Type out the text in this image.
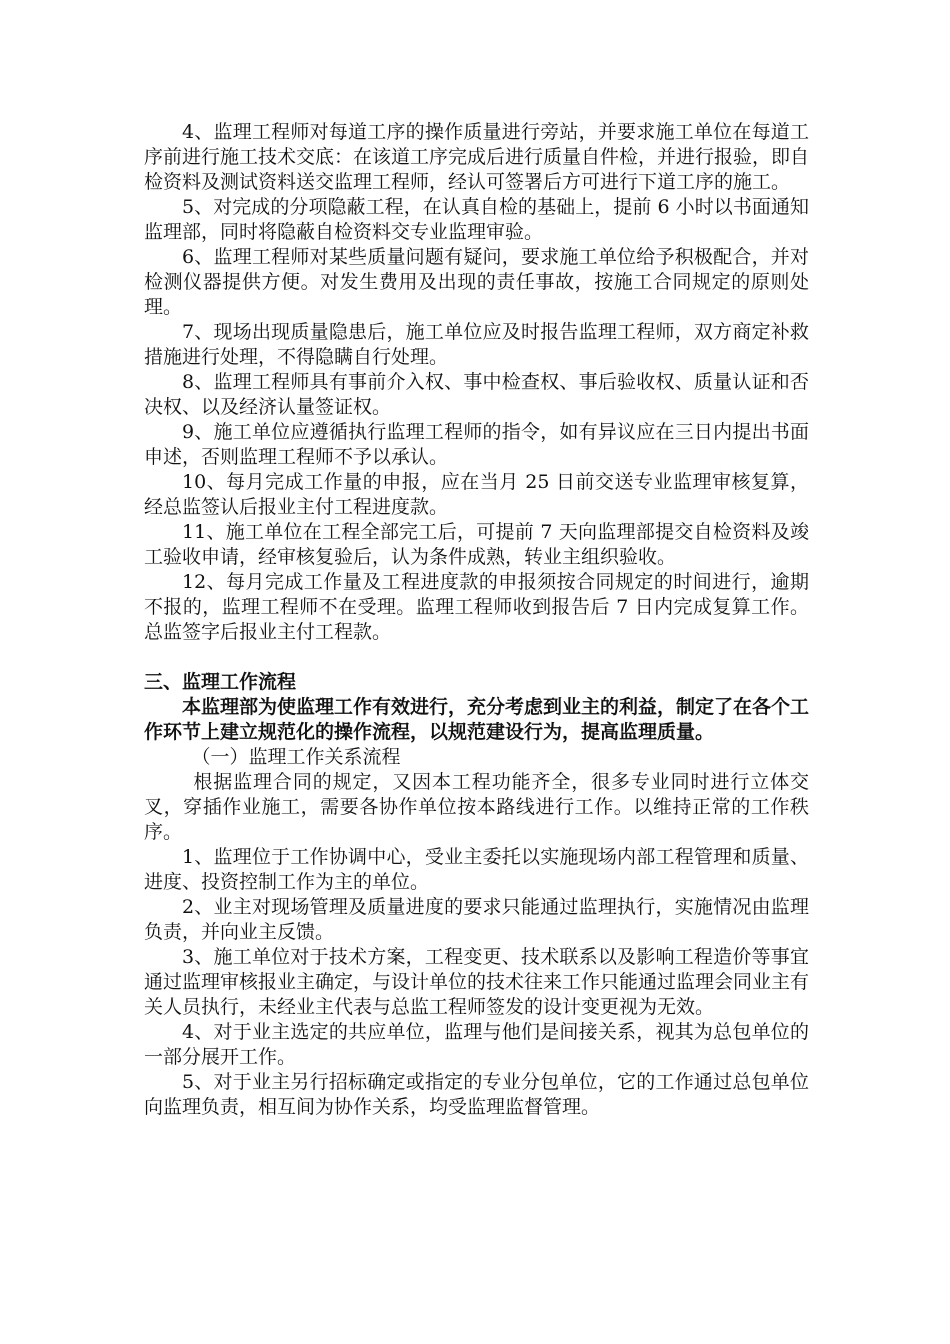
4、监理工程师对每道工序的操作质量进行旁站，并要求施工单位在每道工序前进行施工技术交底：在该道工序完成后进行质量自件检，并进行报验，即自检资料及测试资料送交监理工程师，经认可签署后方可进行下道工序的施工。

5、对完成的分项隐蔽工程，在认真自检的基础上，提前 6 小时以书面通知监理部，同时将隐蔽自检资料交专业监理审验。

6、监理工程师对某些质量问题有疑问，要求施工单位给予积极配合，并对检测仪器提供方便。对发生费用及出现的责任事故，按施工合同规定的原则处理。

7、现场出现质量隐患后，施工单位应及时报告监理工程师，双方商定补救措施进行处理，不得隐瞒自行处理。

8、监理工程师具有事前介入权、事中检查权、事后验收权、质量认证和否决权、以及经济认量签证权。

9、施工单位应遵循执行监理工程师的指令，如有异议应在三日内提出书面申述，否则监理工程师不予以承认。

10、每月完成工作量的申报，应在当月 25 日前交送专业监理审核复算，经总监签认后报业主付工程进度款。

11、施工单位在工程全部完工后，可提前 7 天向监理部提交自检资料及竣工验收申请，经审核复验后，认为条件成熟，转业主组织验收。

12、每月完成工作量及工程进度款的申报须按合同规定的时间进行，逾期不报的，监理工程师不在受理。监理工程师收到报告后 7 日内完成复算工作。总监签字后报业主付工程款。

三、监理工作流程

本监理部为使监理工作有效进行，充分考虑到业主的利益，制定了在各个工作环节上建立规范化的操作流程，以规范建设行为，提高监理质量。

（一）监理工作关系流程

根据监理合同的规定，又因本工程功能齐全，很多专业同时进行立体交叉，穿插作业施工，需要各协作单位按本路线进行工作。以维持正常的工作秩序。

1、监理位于工作协调中心，受业主委托以实施现场内部工程管理和质量、进度、投资控制工作为主的单位。

2、业主对现场管理及质量进度的要求只能通过监理执行，实施情况由监理负责，并向业主反馈。

3、施工单位对于技术方案，工程变更、技术联系以及影响工程造价等事宜通过监理审核报业主确定，与设计单位的技术往来工作只能通过监理会同业主有关人员执行，未经业主代表与总监工程师签发的设计变更视为无效。

4、对于业主选定的共应单位，监理与他们是间接关系，视其为总包单位的一部分展开工作。

5、对于业主另行招标确定或指定的专业分包单位，它的工作通过总包单位向监理负责，相互间为协作关系，均受监理监督管理。
